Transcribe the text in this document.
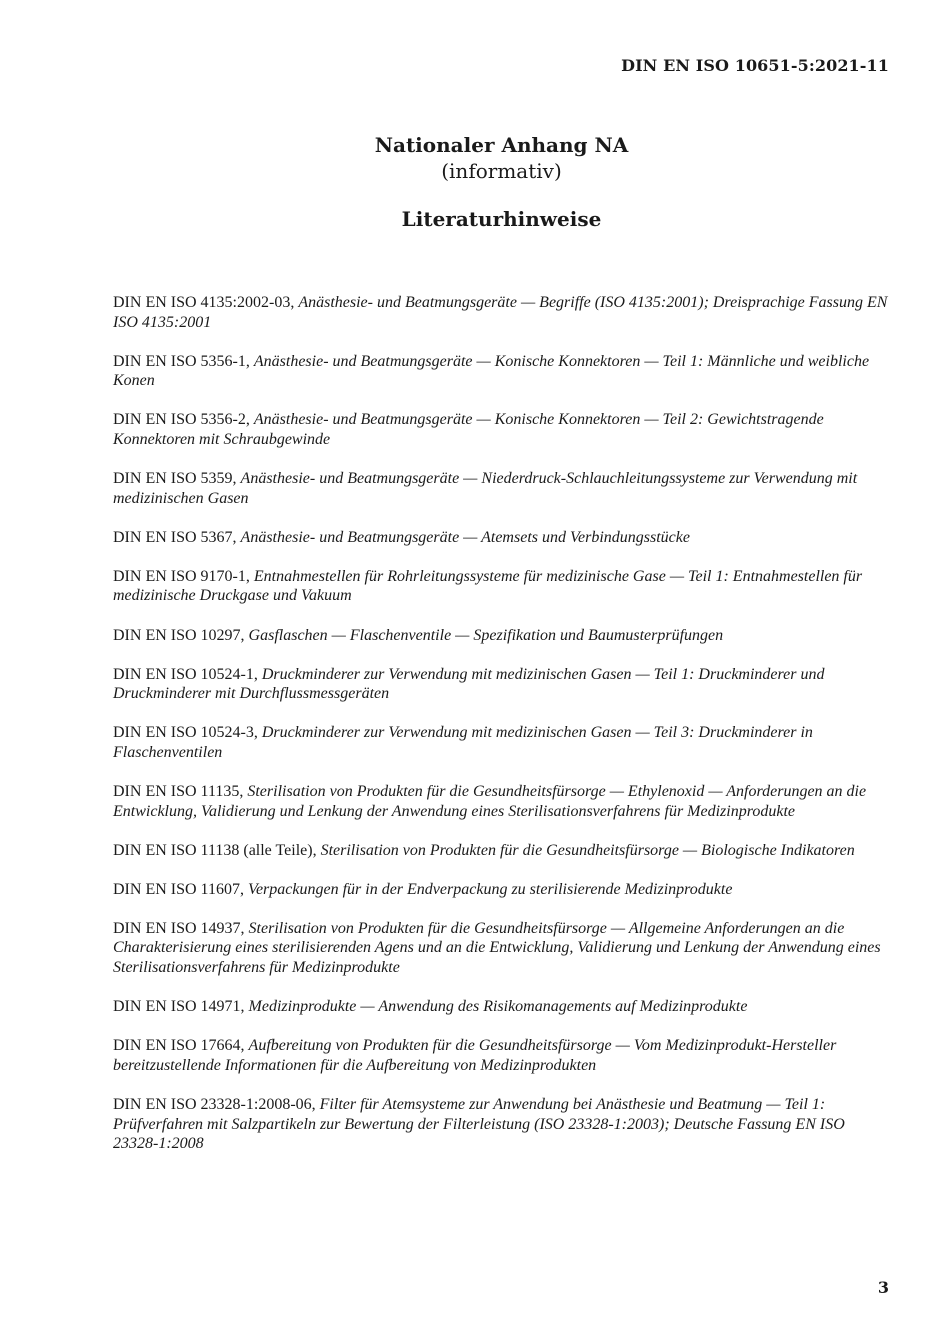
DIN EN ISO 10651-5:2021-11
Nationaler Anhang NA
(informativ)
Literaturhinweise

DIN EN ISO 4135:2002-03, Anästhesie- und Beatmungsgeräte — Begriffe (ISO 4135:2001); Dreisprachige Fassung EN ISO 4135:2001

DIN EN ISO 5356-1, Anästhesie- und Beatmungsgeräte — Konische Konnektoren — Teil 1: Männliche und weibliche Konen

DIN EN ISO 5356-2, Anästhesie- und Beatmungsgeräte — Konische Konnektoren — Teil 2: Gewichtstragende Konnektoren mit Schraubgewinde

DIN EN ISO 5359, Anästhesie- und Beatmungsgeräte — Niederdruck-Schlauchleitungssysteme zur Verwendung mit medizinischen Gasen

DIN EN ISO 5367, Anästhesie- und Beatmungsgeräte — Atemsets und Verbindungsstücke

DIN EN ISO 9170-1, Entnahmestellen für Rohrleitungssysteme für medizinische Gase — Teil 1: Entnahmestellen für medizinische Druckgase und Vakuum

DIN EN ISO 10297, Gasflaschen — Flaschenventile — Spezifikation und Baumusterprüfungen

DIN EN ISO 10524-1, Druckminderer zur Verwendung mit medizinischen Gasen — Teil 1: Druckminderer und Druckminderer mit Durchflussmessgeräten

DIN EN ISO 10524-3, Druckminderer zur Verwendung mit medizinischen Gasen — Teil 3: Druckminderer in Flaschenventilen

DIN EN ISO 11135, Sterilisation von Produkten für die Gesundheitsfürsorge — Ethylenoxid — Anforderungen an die Entwicklung, Validierung und Lenkung der Anwendung eines Sterilisationsverfahrens für Medizinprodukte

DIN EN ISO 11138 (alle Teile), Sterilisation von Produkten für die Gesundheitsfürsorge — Biologische Indikatoren

DIN EN ISO 11607, Verpackungen für in der Endverpackung zu sterilisierende Medizinprodukte

DIN EN ISO 14937, Sterilisation von Produkten für die Gesundheitsfürsorge — Allgemeine Anforderungen an die Charakterisierung eines sterilisierenden Agens und an die Entwicklung, Validierung und Lenkung der Anwendung eines Sterilisationsverfahrens für Medizinprodukte

DIN EN ISO 14971, Medizinprodukte — Anwendung des Risikomanagements auf Medizinprodukte

DIN EN ISO 17664, Aufbereitung von Produkten für die Gesundheitsfürsorge — Vom Medizinprodukt-Hersteller bereitzustellende Informationen für die Aufbereitung von Medizinprodukten

DIN EN ISO 23328-1:2008-06, Filter für Atemsysteme zur Anwendung bei Anästhesie und Beatmung — Teil 1: Prüfverfahren mit Salzpartikeln zur Bewertung der Filterleistung (ISO 23328-1:2003); Deutsche Fassung EN ISO 23328-1:2008

3
